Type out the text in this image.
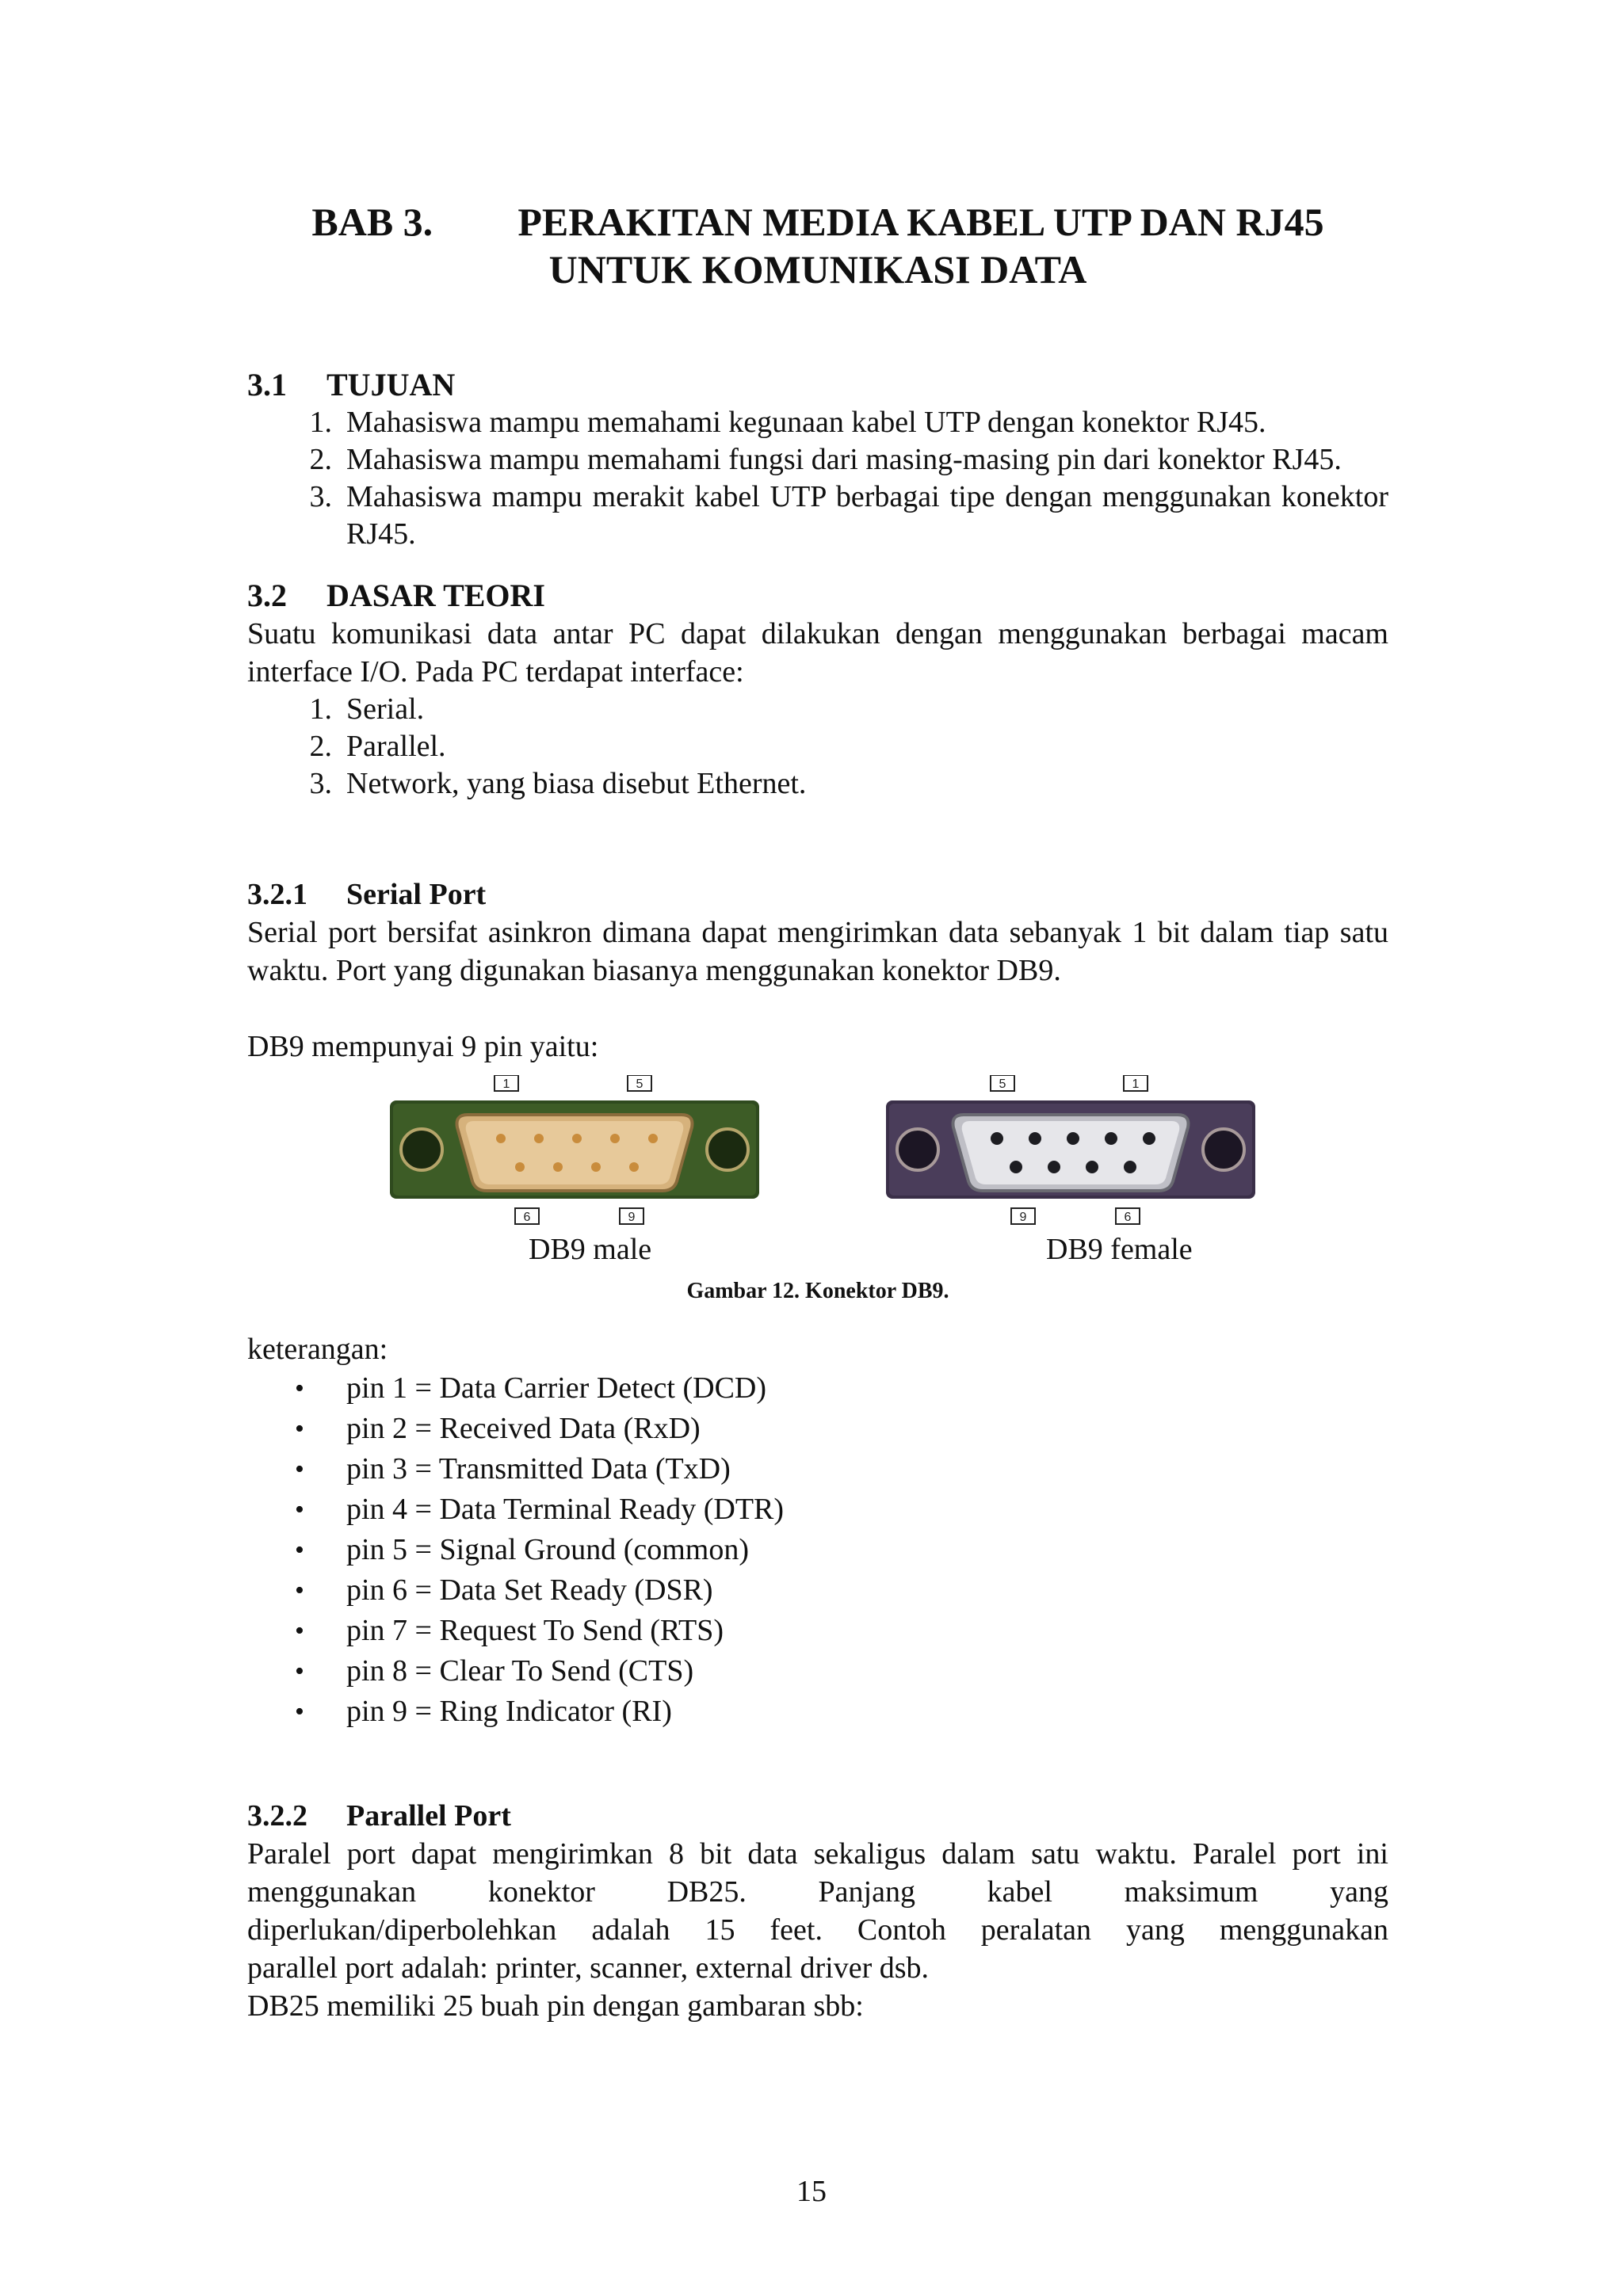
BAB 3. PERAKITAN MEDIA KABEL UTP DAN RJ45
UNTUK KOMUNIKASI DATA
3.1 TUJUAN
1. Mahasiswa mampu memahami kegunaan kabel UTP dengan konektor RJ45.
2. Mahasiswa mampu memahami fungsi dari masing-masing pin dari konektor RJ45.
3. Mahasiswa mampu merakit kabel UTP berbagai tipe dengan menggunakan konektor RJ45.
3.2 DASAR TEORI

Suatu komunikasi data antar PC dapat dilakukan dengan menggunakan berbagai macam interface I/O. Pada PC terdapat interface:

1. Serial.
2. Parallel.
3. Network, yang biasa disebut Ethernet.
3.2.1 Serial Port

Serial port bersifat asinkron dimana dapat mengirimkan data sebanyak 1 bit dalam tiap satu waktu. Port yang digunakan biasanya menggunakan konektor DB9.

DB9 mempunyai 9 pin yaitu:

1	5
6	9
DB9 male
5	1
9	6
DB9 female

Gambar 12. Konektor DB9.

keterangan:

• pin 1 = Data Carrier Detect (DCD)
• pin 2 = Received Data (RxD)
• pin 3 = Transmitted Data (TxD)
• pin 4 = Data Terminal Ready (DTR)
• pin 5 = Signal Ground (common)
• pin 6 = Data Set Ready (DSR)
• pin 7 = Request To Send (RTS)
• pin 8 = Clear To Send (CTS)
• pin 9 = Ring Indicator (RI)
3.2.2 Parallel Port

Paralel port dapat mengirimkan 8 bit data sekaligus dalam satu waktu. Paralel port ini

menggunakan konektor DB25. Panjang kabel maksimum yang

diperlukan/diperbolehkan adalah 15 feet. Contoh peralatan yang menggunakan

parallel port adalah: printer, scanner, external driver dsb.

DB25 memiliki 25 buah pin dengan gambaran sbb:

15
